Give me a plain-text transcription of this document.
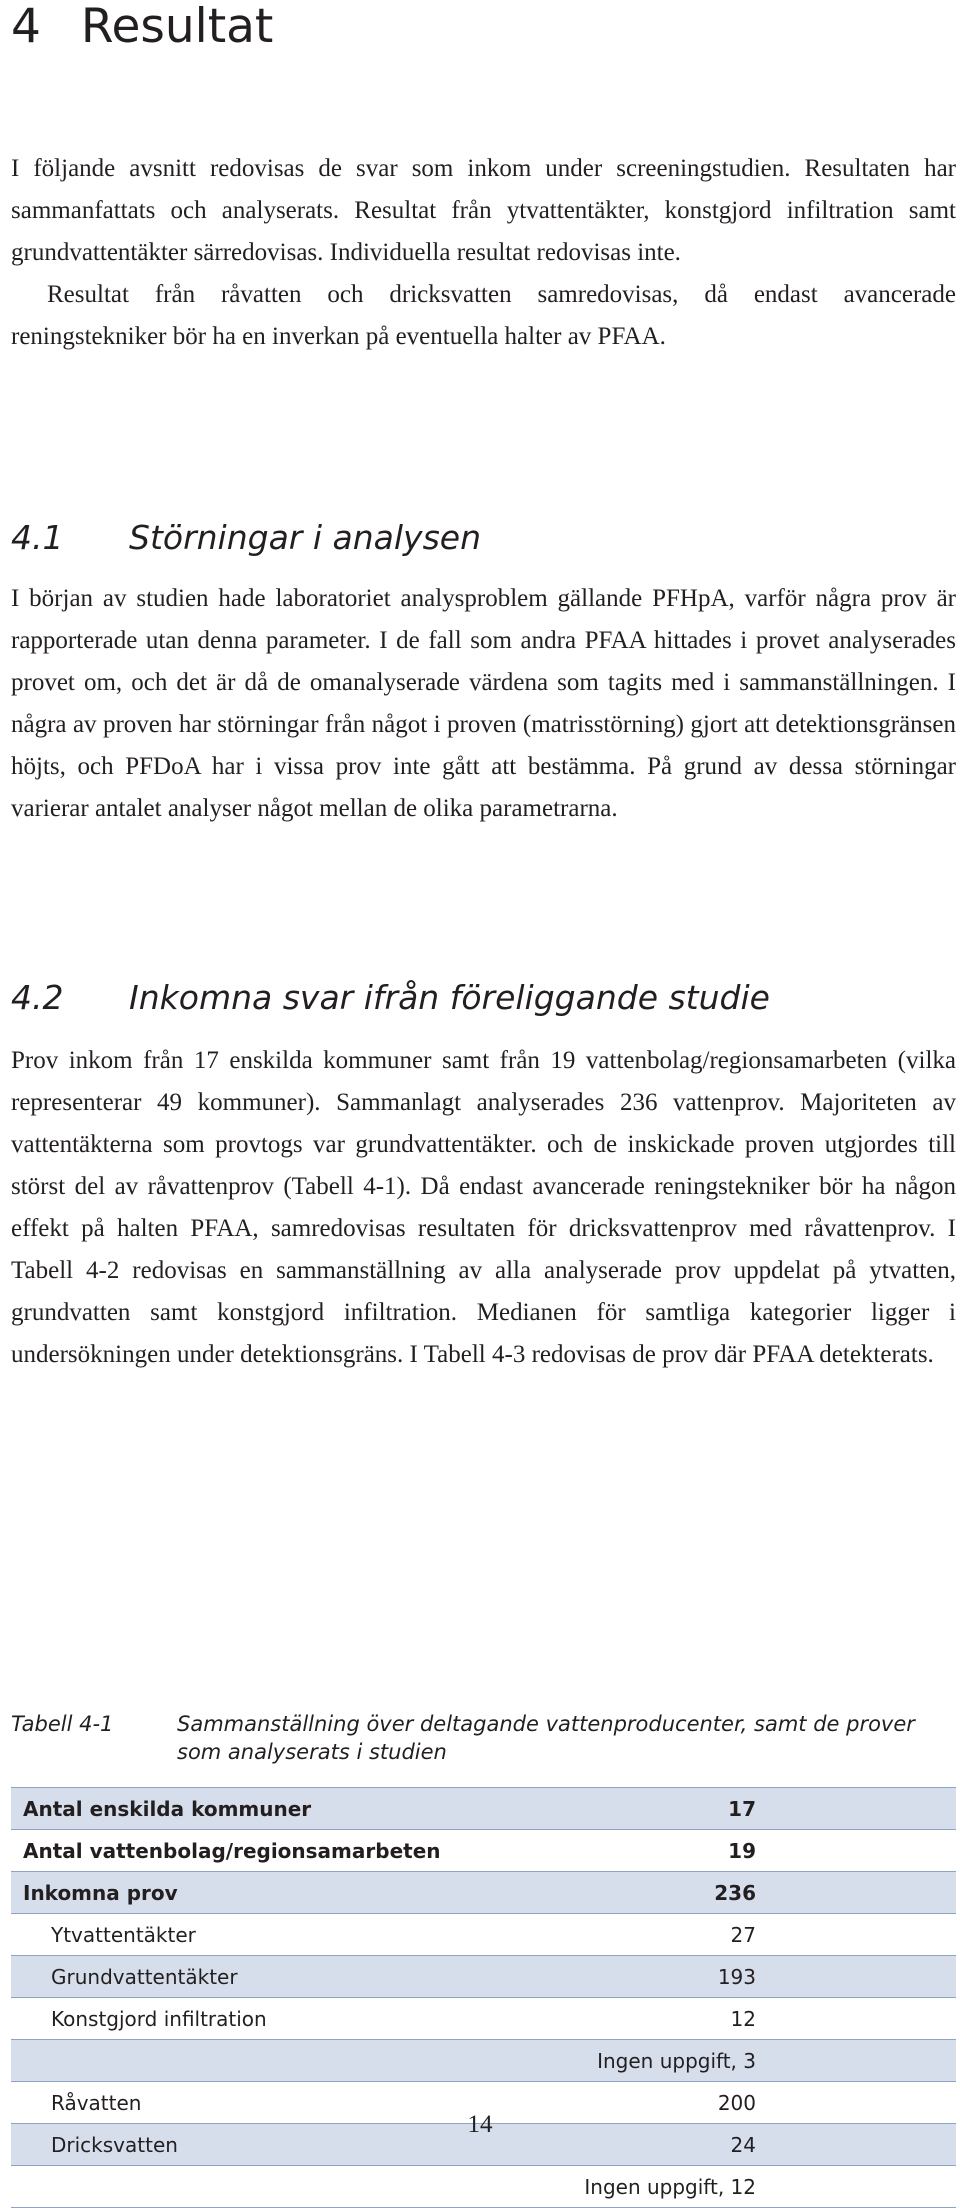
4 Resultat

I följande avsnitt redovisas de svar som inkom under screeningstudien. Resultaten har sammanfattats och analyserats. Resultat från ytvattentäkter, konstgjord infiltration samt grundvattentäkter särredovisas. Individuella resultat redovisas inte.

Resultat från råvatten och dricksvatten samredovisas, då endast avancerade reningstekniker bör ha en inverkan på eventuella halter av PFAA.

4.1 Störningar i analysen

I början av studien hade laboratoriet analysproblem gällande PFHpA, varför några prov är rapporterade utan denna parameter. I de fall som andra PFAA hittades i provet analyserades provet om, och det är då de omanalyserade värdena som tagits med i sammanställningen. I några av proven har störningar från något i proven (matrisstörning) gjort att detektionsgränsen höjts, och PFDoA har i vissa prov inte gått att bestämma. På grund av dessa störningar varierar antalet analyser något mellan de olika parametrarna.

4.2 Inkomna svar ifrån föreliggande studie

Prov inkom från 17 enskilda kommuner samt från 19 vattenbolag/regionsamarbeten (vilka representerar 49 kommuner). Sammanlagt analyserades 236 vattenprov. Majoriteten av vattentäkterna som provtogs var grundvattentäkter. och de inskickade proven utgjordes till störst del av råvattenprov (Tabell 4-1). Då endast avancerade reningstekniker bör ha någon effekt på halten PFAA, samredovisas resultaten för dricksvattenprov med råvattenprov. I Tabell 4-2 redovisas en sammanställning av alla analyserade prov uppdelat på ytvatten, grundvatten samt konstgjord infiltration. Medianen för samtliga kategorier ligger i undersökningen under detektionsgräns. I Tabell 4-3 redovisas de prov där PFAA detekterats.

Tabell 4-1	Sammanställning över deltagande vattenproducenter, samt de prover som analyserats i studien
Antal enskilda kommuner	17
Antal vattenbolag/regionsamarbeten	19
Inkomna prov	236
Ytvattentäkter	27
Grundvattentäkter	193
Konstgjord infiltration	12
	Ingen uppgift, 3
Råvatten	200
Dricksvatten	24
	Ingen uppgift, 12
14
